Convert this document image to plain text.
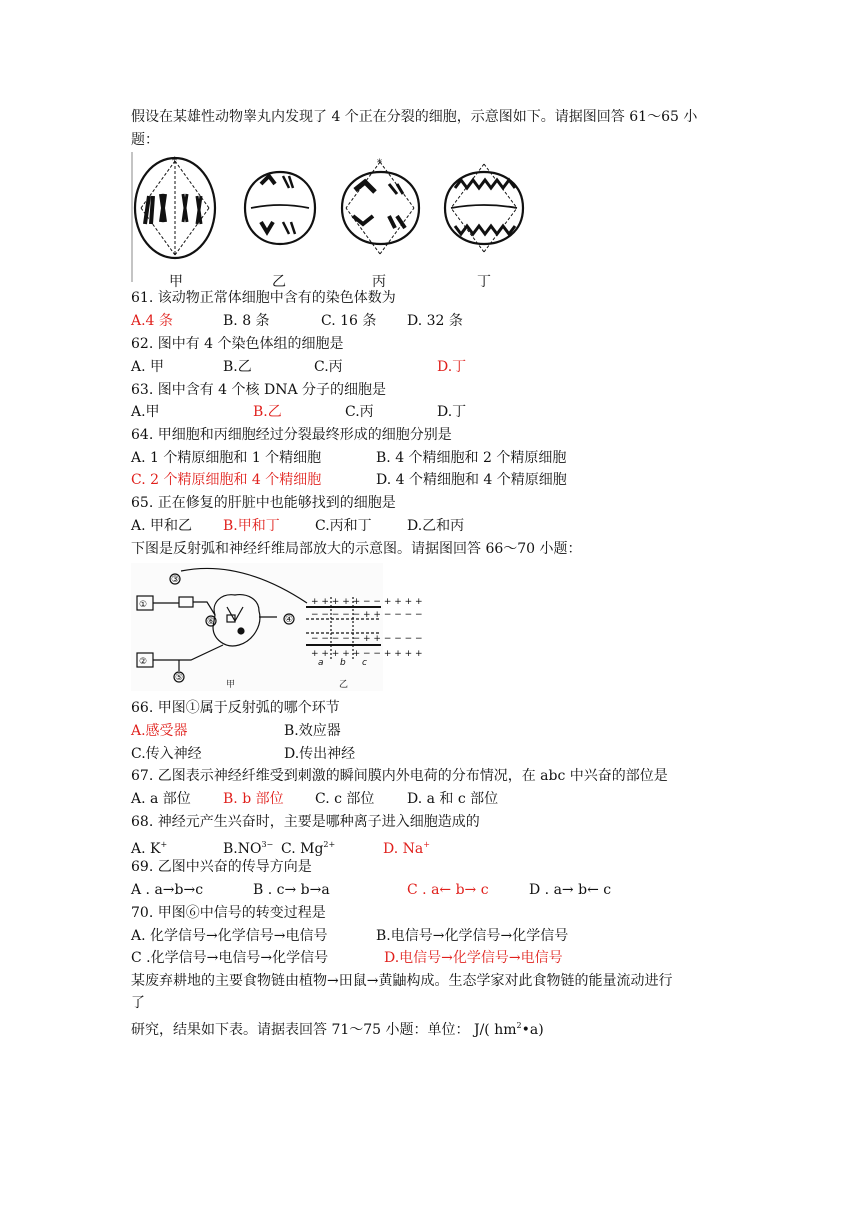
假设在某雄性动物睾丸内发现了 4 个正在分裂的细胞，示意图如下。请据图回答 61～65 小
题：
*	*
甲	乙	丙	丁
61. 该动物正常体细胞中含有的染色体数为
A.4 条	B. 8 条	C. 16 条 D. 32 条
62. 图中有 4 个染色体组的细胞是
A. 甲	B.乙	C.丙	D.丁
63. 图中含有 4 个核 DNA 分子的细胞是
A.甲	B.乙	C.丙	D.丁
64. 甲细胞和丙细胞经过分裂最终形成的细胞分别是
A. 1 个精原细胞和 1 个精细胞	B. 4 个精细胞和 2 个精原细胞
C. 2 个精原细胞和 4 个精细胞	D. 4 个精细胞和 4 个精原细胞
65. 正在修复的肝脏中也能够找到的细胞是
A. 甲和乙 B.甲和丁	C.丙和丁	D.乙和丙
下图是反射弧和神经纤维局部放大的示意图。请据图回答 66～70 小题：
+ + + + + − − + + + +
− − − − − + + − − − −
− − − − − + + − − − −
+ + + + + − − + + + +
①
②
③
④
⑤
⑥
a b c
甲	乙
66. 甲图①属于反射弧的哪个环节
A.感受器	B.效应器
C.传入神经	D.传出神经
67. 乙图表示神经纤维受到刺激的瞬间膜内外电荷的分布情况，在 abc 中兴奋的部位是
A. a 部位 B. b 部位 C. c 部位 D. a 和 c 部位
68. 神经元产生兴奋时，主要是哪种离子进入细胞造成的
A. K+	$B.NO^{3-}$ C. $Mg^{2+}$	D. Na+
69. 乙图中兴奋的传导方向是
A . a→b→c	B . c→ b→a	C . a← b→ c	D . a→ b← c
70. 甲图⑥中信号的转变过程是
A. 化学信号→化学信号→电信号	B.电信号→化学信号→化学信号
C .化学信号→电信号→化学信号	D.电信号→化学信号→电信号
某废弃耕地的主要食物链由植物→田鼠→黄鼬构成。生态学家对此食物链的能量流动进行
了
研究，结果如下表。请据表回答 71～75 小题：单位： J/( $hm^2•a$)
